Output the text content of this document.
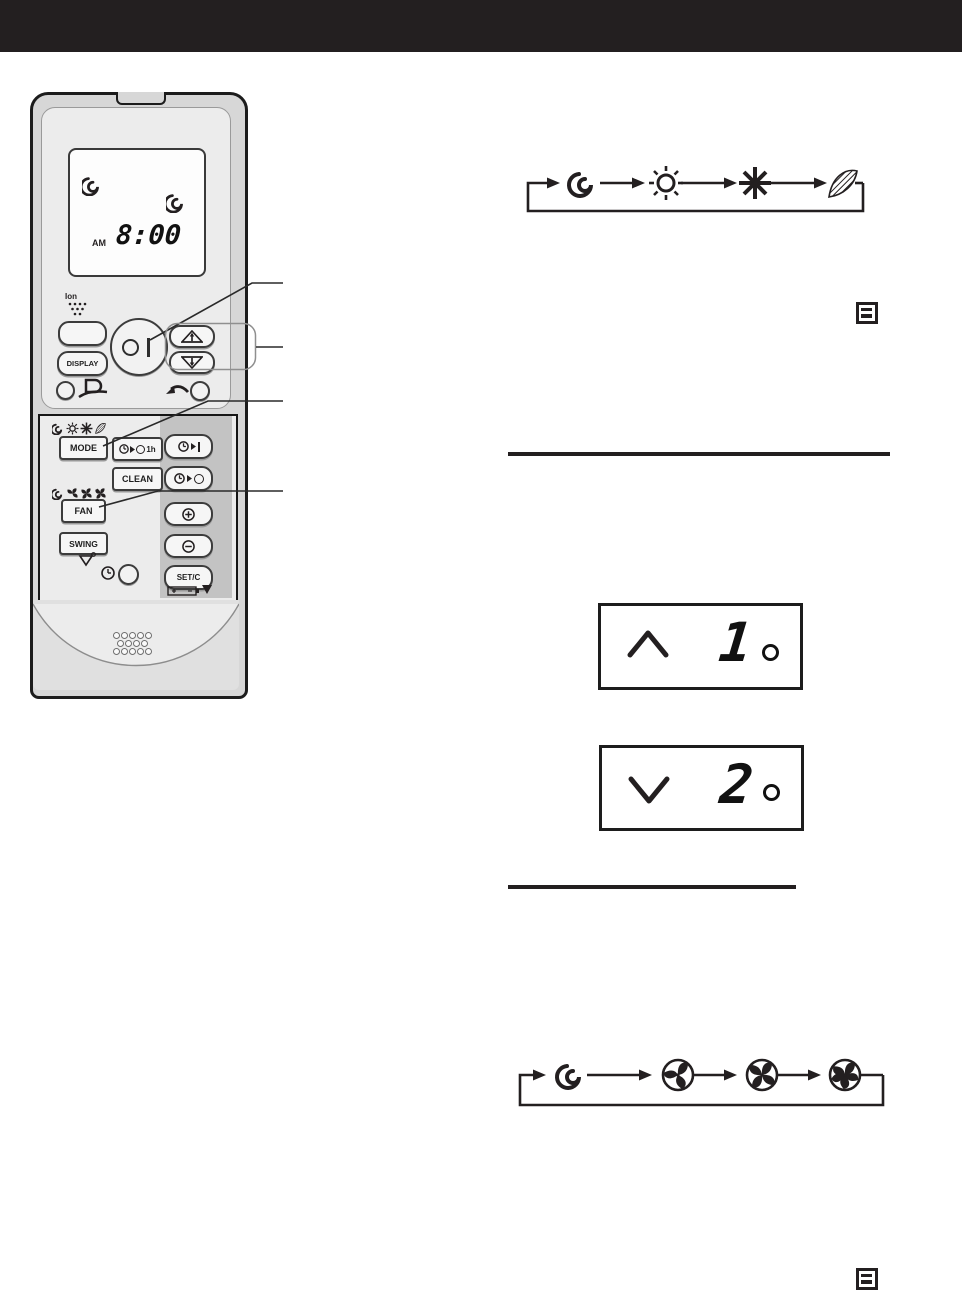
AM 8:00
Ion
DISPLAY
MODE	1h
CLEAN
FAN
SWING
SET/C
1
2
